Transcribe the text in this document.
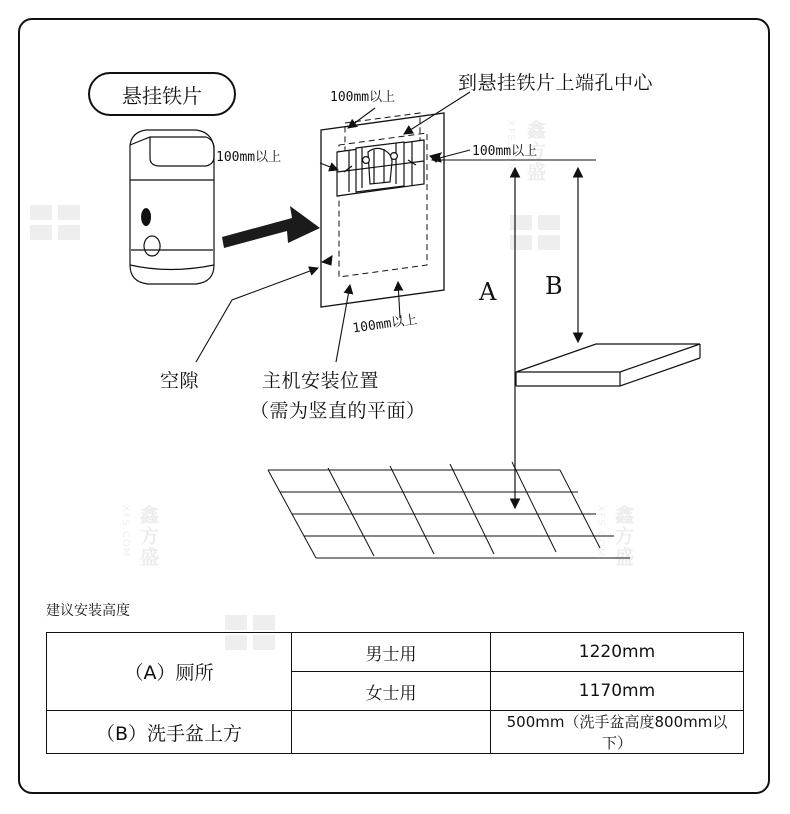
XFS.COM 鑫方盛
XFS.COM 鑫方盛
XFS.COM 鑫方盛
悬挂铁片
到悬挂铁片上端孔中心
100mm以上
100mm以上	100mm以上
100mm以上
空隙	主机安装位置
（需为竖直的平面）
A B
建议安装高度
（A）厕所	男士用	1220mm
	女士用	1170mm
（B）洗手盆上方		500mm（洗手盆高度800mm以下）
